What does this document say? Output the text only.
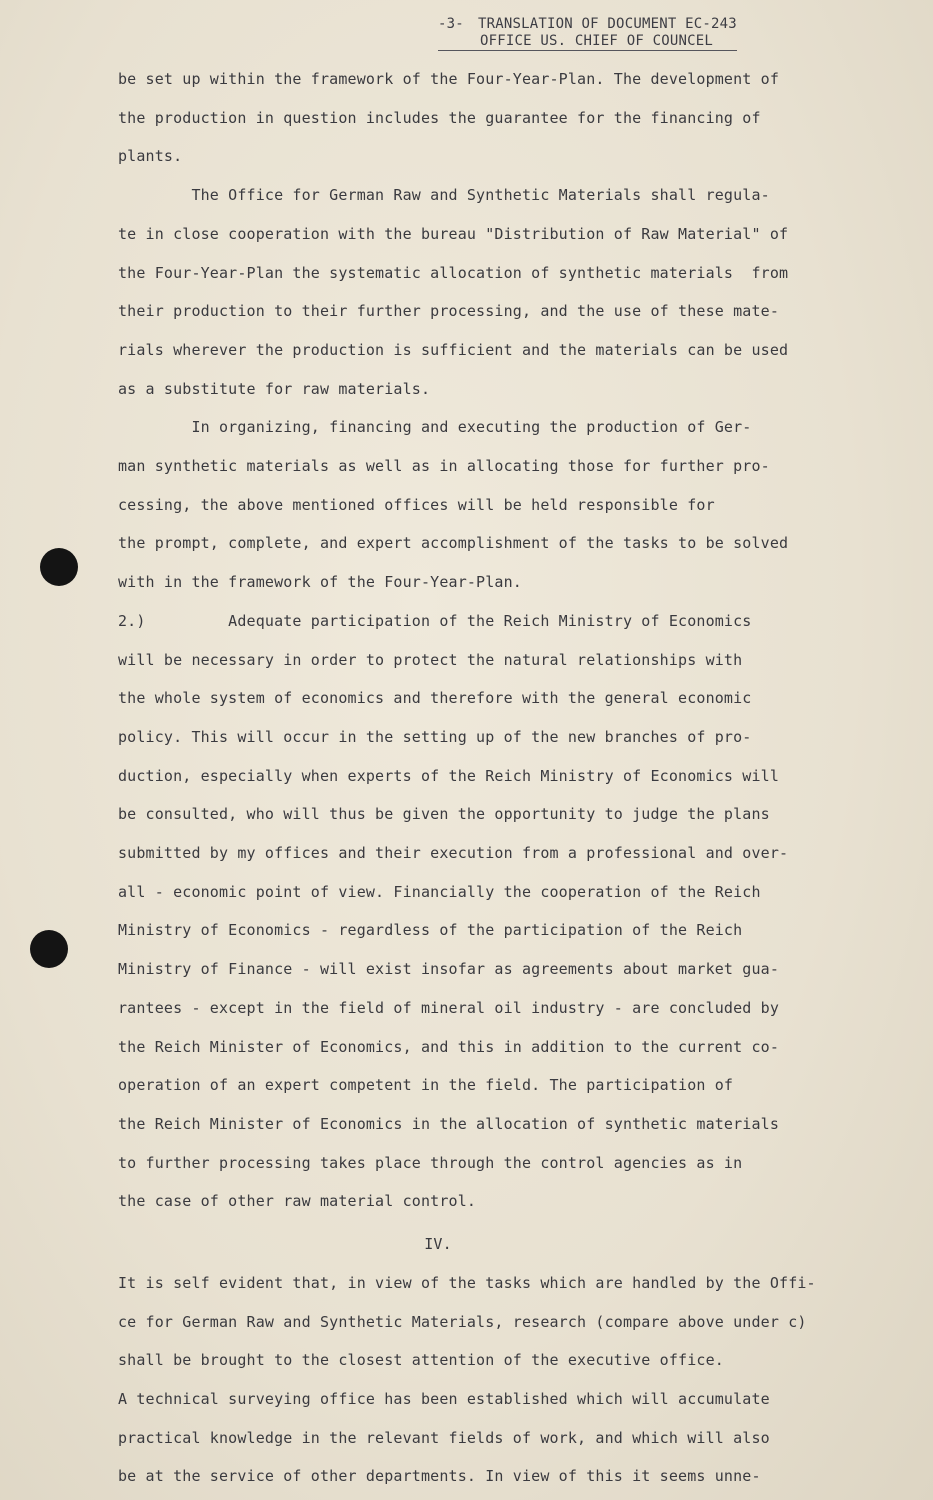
-3- TRANSLATION OF DOCUMENT EC-243
OFFICE US. CHIEF OF COUNCEL
be set up within the framework of the Four-Year-Plan. The development of
the production in question includes the guarantee for the financing of
plants.
The Office for German Raw and Synthetic Materials shall regula-
te in close cooperation with the bureau "Distribution of Raw Material" of
the Four-Year-Plan the systematic allocation of synthetic materials  from
their production to their further processing, and the use of these mate-
rials wherever the production is sufficient and the materials can be used
as a substitute for raw materials.
In organizing, financing and executing the production of Ger-
man synthetic materials as well as in allocating those for further pro-
cessing, the above mentioned offices will be held responsible for
the prompt, complete, and expert accomplishment of the tasks to be solved
with in the framework of the Four-Year-Plan.
2.)         Adequate participation of the Reich Ministry of Economics
will be necessary in order to protect the natural relationships with
the whole system of economics and therefore with the general economic
policy. This will occur in the setting up of the new branches of pro-
duction, especially when experts of the Reich Ministry of Economics will
be consulted, who will thus be given the opportunity to judge the plans
submitted by my offices and their execution from a professional and over-
all - economic point of view. Financially the cooperation of the Reich
Ministry of Economics - regardless of the participation of the Reich
Ministry of Finance - will exist insofar as agreements about market gua-
rantees - except in the field of mineral oil industry - are concluded by
the Reich Minister of Economics, and this in addition to the current co-
operation of an expert competent in the field. The participation of
the Reich Minister of Economics in the allocation of synthetic materials
to further processing takes place through the control agencies as in
the case of other raw material control.
IV.
It is self evident that, in view of the tasks which are handled by the Offi-
ce for German Raw and Synthetic Materials, research (compare above under c)
shall be brought to the closest attention of the executive office.
A technical surveying office has been established which will accumulate
practical knowledge in the relevant fields of work, and which will also
be at the service of other departments. In view of this it seems unne-
